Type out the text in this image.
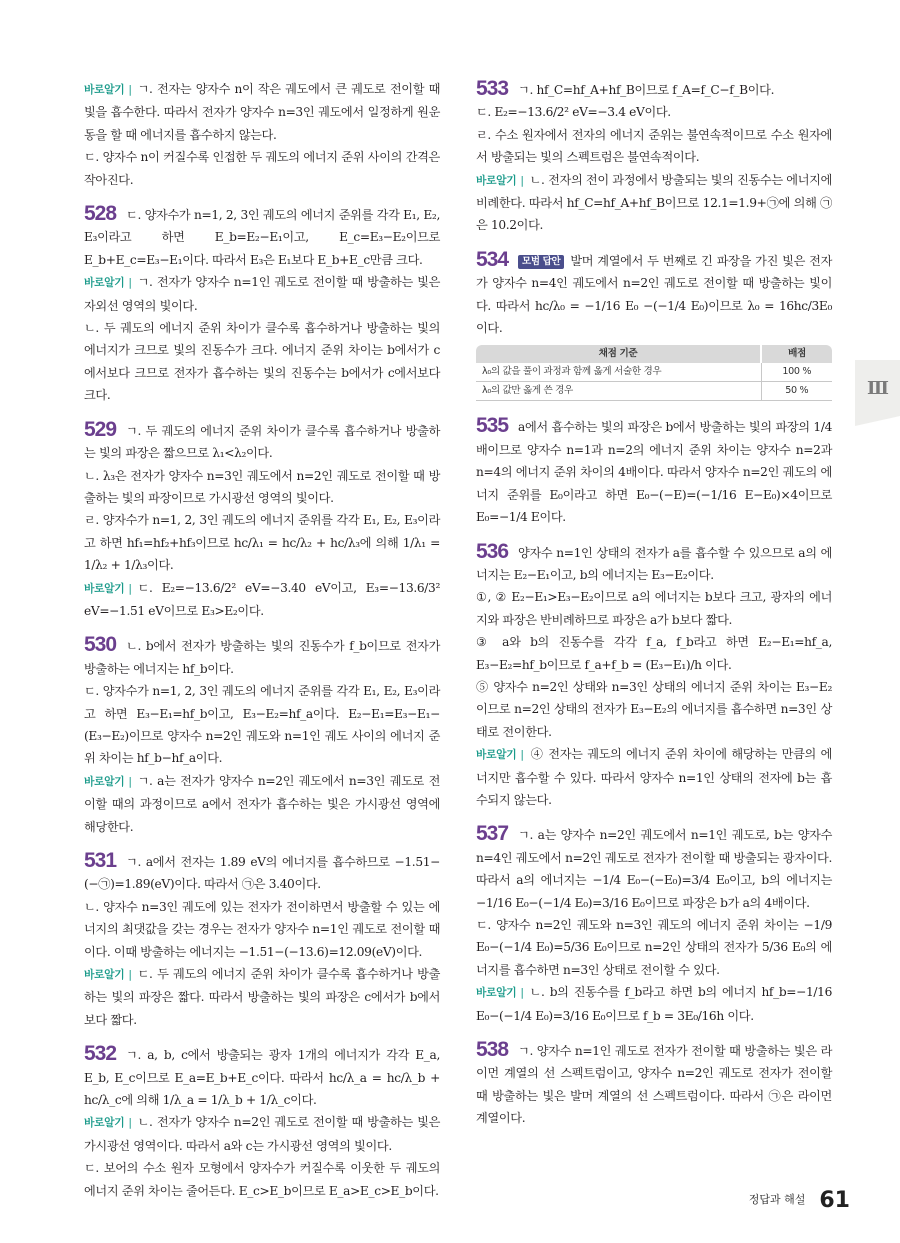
바로알기 | ㄱ. 전자는 양자수 n이 작은 궤도에서 큰 궤도로 전이할 때 빛을 흡수한다. 따라서 전자가 양자수 n=3인 궤도에서 일정하게 원운동을 할 때 에너지를 흡수하지 않는다.

ㄷ. 양자수 n이 커질수록 인접한 두 궤도의 에너지 준위 사이의 간격은 작아진다.

528 ㄷ. 양자수가 n=1, 2, 3인 궤도의 에너지 준위를 각각 E₁, E₂, E₃이라고 하면 E_b=E₂−E₁이고, E_c=E₃−E₂이므로 E_b+E_c=E₃−E₁이다. 따라서 E₃은 E₁보다 E_b+E_c만큼 크다.

바로알기 | ㄱ. 전자가 양자수 n=1인 궤도로 전이할 때 방출하는 빛은 자외선 영역의 빛이다.

ㄴ. 두 궤도의 에너지 준위 차이가 클수록 흡수하거나 방출하는 빛의 에너지가 크므로 빛의 진동수가 크다. 에너지 준위 차이는 b에서가 c에서보다 크므로 전자가 흡수하는 빛의 진동수는 b에서가 c에서보다 크다.

529 ㄱ. 두 궤도의 에너지 준위 차이가 클수록 흡수하거나 방출하는 빛의 파장은 짧으므로 λ₁<λ₂이다.

ㄴ. λ₃은 전자가 양자수 n=3인 궤도에서 n=2인 궤도로 전이할 때 방출하는 빛의 파장이므로 가시광선 영역의 빛이다.

ㄹ. 양자수가 n=1, 2, 3인 궤도의 에너지 준위를 각각 E₁, E₂, E₃이라고 하면 hf₁=hf₂+hf₃이므로 hc/λ₁ = hc/λ₂ + hc/λ₃에 의해 1/λ₁ = 1/λ₂ + 1/λ₃이다.

바로알기 | ㄷ. E₂=−13.6/2² eV=−3.40 eV이고, E₃=−13.6/3² eV=−1.51 eV이므로 E₃>E₂이다.

530 ㄴ. b에서 전자가 방출하는 빛의 진동수가 f_b이므로 전자가 방출하는 에너지는 hf_b이다.

ㄷ. 양자수가 n=1, 2, 3인 궤도의 에너지 준위를 각각 E₁, E₂, E₃이라고 하면 E₃−E₁=hf_b이고, E₃−E₂=hf_a이다. E₂−E₁=E₃−E₁−(E₃−E₂)이므로 양자수 n=2인 궤도와 n=1인 궤도 사이의 에너지 준위 차이는 hf_b−hf_a이다.

바로알기 | ㄱ. a는 전자가 양자수 n=2인 궤도에서 n=3인 궤도로 전이할 때의 과정이므로 a에서 전자가 흡수하는 빛은 가시광선 영역에 해당한다.

531 ㄱ. a에서 전자는 1.89 eV의 에너지를 흡수하므로 −1.51−(−㉠)=1.89(eV)이다. 따라서 ㉠은 3.40이다.

ㄴ. 양자수 n=3인 궤도에 있는 전자가 전이하면서 방출할 수 있는 에너지의 최댓값을 갖는 경우는 전자가 양자수 n=1인 궤도로 전이할 때이다. 이때 방출하는 에너지는 −1.51−(−13.6)=12.09(eV)이다.

바로알기 | ㄷ. 두 궤도의 에너지 준위 차이가 클수록 흡수하거나 방출하는 빛의 파장은 짧다. 따라서 방출하는 빛의 파장은 c에서가 b에서보다 짧다.

532 ㄱ. a, b, c에서 방출되는 광자 1개의 에너지가 각각 E_a, E_b, E_c이므로 E_a=E_b+E_c이다. 따라서 hc/λ_a = hc/λ_b + hc/λ_c에 의해 1/λ_a = 1/λ_b + 1/λ_c이다.

바로알기 | ㄴ. 전자가 양자수 n=2인 궤도로 전이할 때 방출하는 빛은 가시광선 영역이다. 따라서 a와 c는 가시광선 영역의 빛이다.

ㄷ. 보어의 수소 원자 모형에서 양자수가 커질수록 이웃한 두 궤도의 에너지 준위 차이는 줄어든다. E_c>E_b이므로 E_a>E_c>E_b이다.

533 ㄱ. hf_C=hf_A+hf_B이므로 f_A=f_C−f_B이다.

ㄷ. E₂=−13.6/2² eV=−3.4 eV이다.

ㄹ. 수소 원자에서 전자의 에너지 준위는 불연속적이므로 수소 원자에서 방출되는 빛의 스펙트럼은 불연속적이다.

바로알기 | ㄴ. 전자의 전이 과정에서 방출되는 빛의 진동수는 에너지에 비례한다. 따라서 hf_C=hf_A+hf_B이므로 12.1=1.9+㉠에 의해 ㉠은 10.2이다.

534 모범 답안 발머 계열에서 두 번째로 긴 파장을 가진 빛은 전자가 양자수 n=4인 궤도에서 n=2인 궤도로 전이할 때 방출하는 빛이다. 따라서 hc/λ₀ = −1/16 E₀ −(−1/4 E₀)이므로 λ₀ = 16hc/3E₀ 이다.

채점 기준	배점
λ₀의 값을 풀이 과정과 함께 옳게 서술한 경우	100 %
λ₀의 값만 옳게 쓴 경우	50 %

535 a에서 흡수하는 빛의 파장은 b에서 방출하는 빛의 파장의 1/4 배이므로 양자수 n=1과 n=2의 에너지 준위 차이는 양자수 n=2과 n=4의 에너지 준위 차이의 4배이다. 따라서 양자수 n=2인 궤도의 에너지 준위를 E₀이라고 하면 E₀−(−E)=(−1/16 E−E₀)×4이므로 E₀=−1/4 E이다.

536 양자수 n=1인 상태의 전자가 a를 흡수할 수 있으므로 a의 에너지는 E₂−E₁이고, b의 에너지는 E₃−E₂이다.

①, ② E₂−E₁>E₃−E₂이므로 a의 에너지는 b보다 크고, 광자의 에너지와 파장은 반비례하므로 파장은 a가 b보다 짧다.

③ a와 b의 진동수를 각각 f_a, f_b라고 하면 E₂−E₁=hf_a, E₃−E₂=hf_b이므로 f_a+f_b = (E₃−E₁)/h 이다.

⑤ 양자수 n=2인 상태와 n=3인 상태의 에너지 준위 차이는 E₃−E₂이므로 n=2인 상태의 전자가 E₃−E₂의 에너지를 흡수하면 n=3인 상태로 전이한다.

바로알기 | ④ 전자는 궤도의 에너지 준위 차이에 해당하는 만큼의 에너지만 흡수할 수 있다. 따라서 양자수 n=1인 상태의 전자에 b는 흡수되지 않는다.

537 ㄱ. a는 양자수 n=2인 궤도에서 n=1인 궤도로, b는 양자수 n=4인 궤도에서 n=2인 궤도로 전자가 전이할 때 방출되는 광자이다. 따라서 a의 에너지는 −1/4 E₀−(−E₀)=3/4 E₀이고, b의 에너지는 −1/16 E₀−(−1/4 E₀)=3/16 E₀이므로 파장은 b가 a의 4배이다.

ㄷ. 양자수 n=2인 궤도와 n=3인 궤도의 에너지 준위 차이는 −1/9 E₀−(−1/4 E₀)=5/36 E₀이므로 n=2인 상태의 전자가 5/36 E₀의 에너지를 흡수하면 n=3인 상태로 전이할 수 있다.

바로알기 | ㄴ. b의 진동수를 f_b라고 하면 b의 에너지 hf_b=−1/16 E₀−(−1/4 E₀)=3/16 E₀이므로 f_b = 3E₀/16h 이다.

538 ㄱ. 양자수 n=1인 궤도로 전자가 전이할 때 방출하는 빛은 라이먼 계열의 선 스펙트럼이고, 양자수 n=2인 궤도로 전자가 전이할 때 방출하는 빛은 발머 계열의 선 스펙트럼이다. 따라서 ㉠은 라이먼 계열이다.

Ⅲ
$^{정답과 해설}$ 61
